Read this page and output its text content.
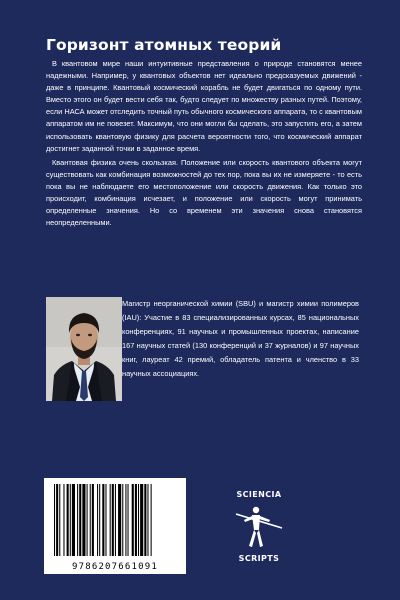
Горизонт атомных теорий

В квантовом мире наши интуитивные представления о природе становятся менее надежными. Например, у квантовых объектов нет идеально предсказуемых движений - даже в принципе. Квантовый космический корабль не будет двигаться по одному пути. Вместо этого он будет вести себя так, будто следует по множеству разных путей. Поэтому, если НАСА может отследить точный путь обычного космического аппарата, то с квантовым аппаратом им не повезет. Максимум, что они могли бы сделать, это запустить его, а затем использовать квантовую физику для расчета вероятности того, что космический аппарат достигнет заданной точки в заданное время.

Квантовая физика очень скользкая. Положение или скорость квантового объекта могут существовать как комбинация возможностей до тех пор, пока вы их не измеряете - то есть пока вы не наблюдаете его местоположение или скорость движения. Как только это происходит, комбинация исчезает, и положение или скорость могут принимать определенные значения. Но со временем эти значения снова становятся неопределенными.

Магистр неорганической химии (SBU) и магистр химии полимеров (IAU): Участие в 83 специализированных курсах, 85 национальных конференциях, 91 научных и промышленных проектах, написание 167 научных статей (130 конференций и 37 журналов) и 97 научных книг, лауреат 42 премий, обладатель патента и членство в 33 научных ассоциациях.
9786207661091
SCIENCIA
SCRIPTS
